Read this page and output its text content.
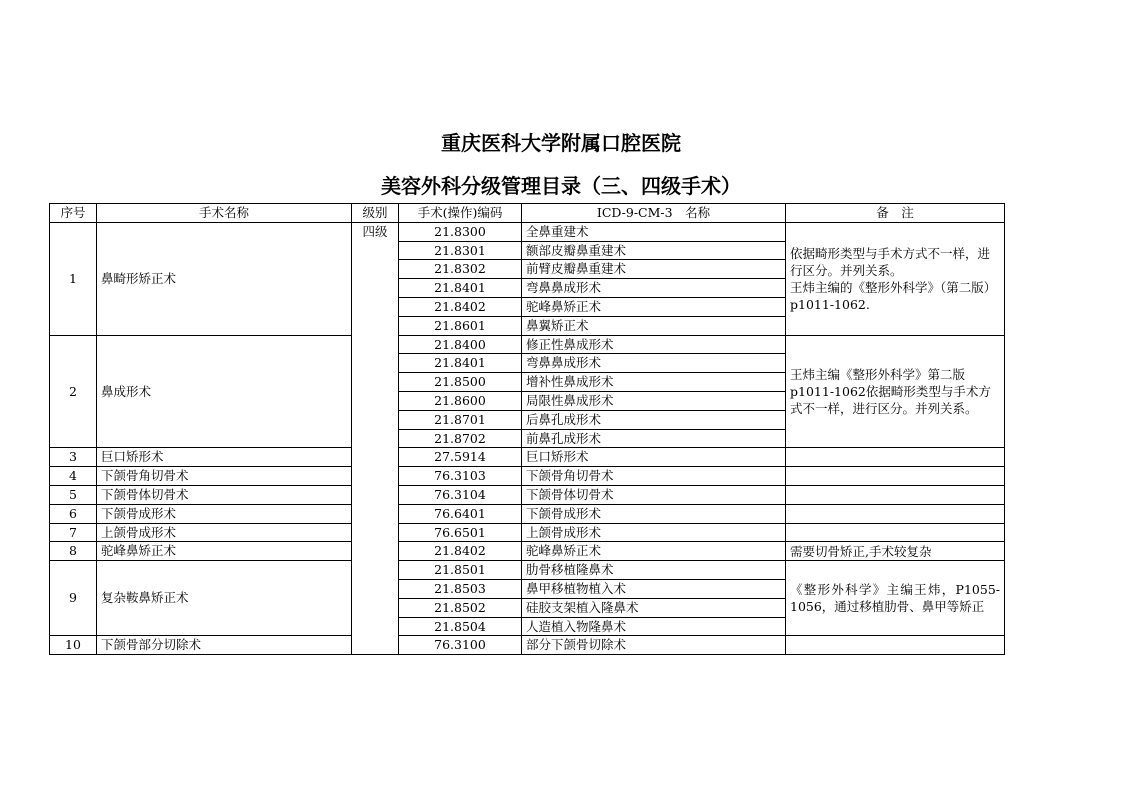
重庆医科大学附属口腔医院
美容外科分级管理目录（三、四级手术）
序号	手术名称	级别	手术(操作)编码	ICD-9-CM-3　名称	备　注
1	鼻畸形矫正术	四级	21.8300	全鼻重建术	依据畸形类型与手术方式不一样，进行区分。并列关系。
王炜主编的《整形外科学》（第二版）p1011-1062.
			21.8301	额部皮瓣鼻重建术	
			21.8302	前臂皮瓣鼻重建术	
			21.8401	弯鼻鼻成形术	
			21.8402	驼峰鼻矫正术	
			21.8601	鼻翼矫正术	
2	鼻成形术		21.8400	修正性鼻成形术	王炜主编《整形外科学》第二版p1011-1062依据畸形类型与手术方式不一样，进行区分。并列关系。
			21.8401	弯鼻鼻成形术	
			21.8500	增补性鼻成形术	
			21.8600	局限性鼻成形术	
			21.8701	后鼻孔成形术	
			21.8702	前鼻孔成形术	
3	巨口矫形术		27.5914	巨口矫形术	
4	下颌骨角切骨术		76.3103	下颌骨角切骨术	
5	下颌骨体切骨术		76.3104	下颌骨体切骨术	
6	下颌骨成形术		76.6401	下颌骨成形术	
7	上颌骨成形术		76.6501	上颌骨成形术	
8	驼峰鼻矫正术		21.8402	驼峰鼻矫正术	需要切骨矫正,手术较复杂
9	复杂鞍鼻矫正术		21.8501	肋骨移植隆鼻术	《整形外科学》主编王炜，P1055-1056，通过移植肋骨、鼻甲等矫正
			21.8503	鼻甲移植物植入术	
			21.8502	硅胶支架植入隆鼻术	
			21.8504	人造植入物隆鼻术	
10	下颌骨部分切除术		76.3100	部分下颌骨切除术	
